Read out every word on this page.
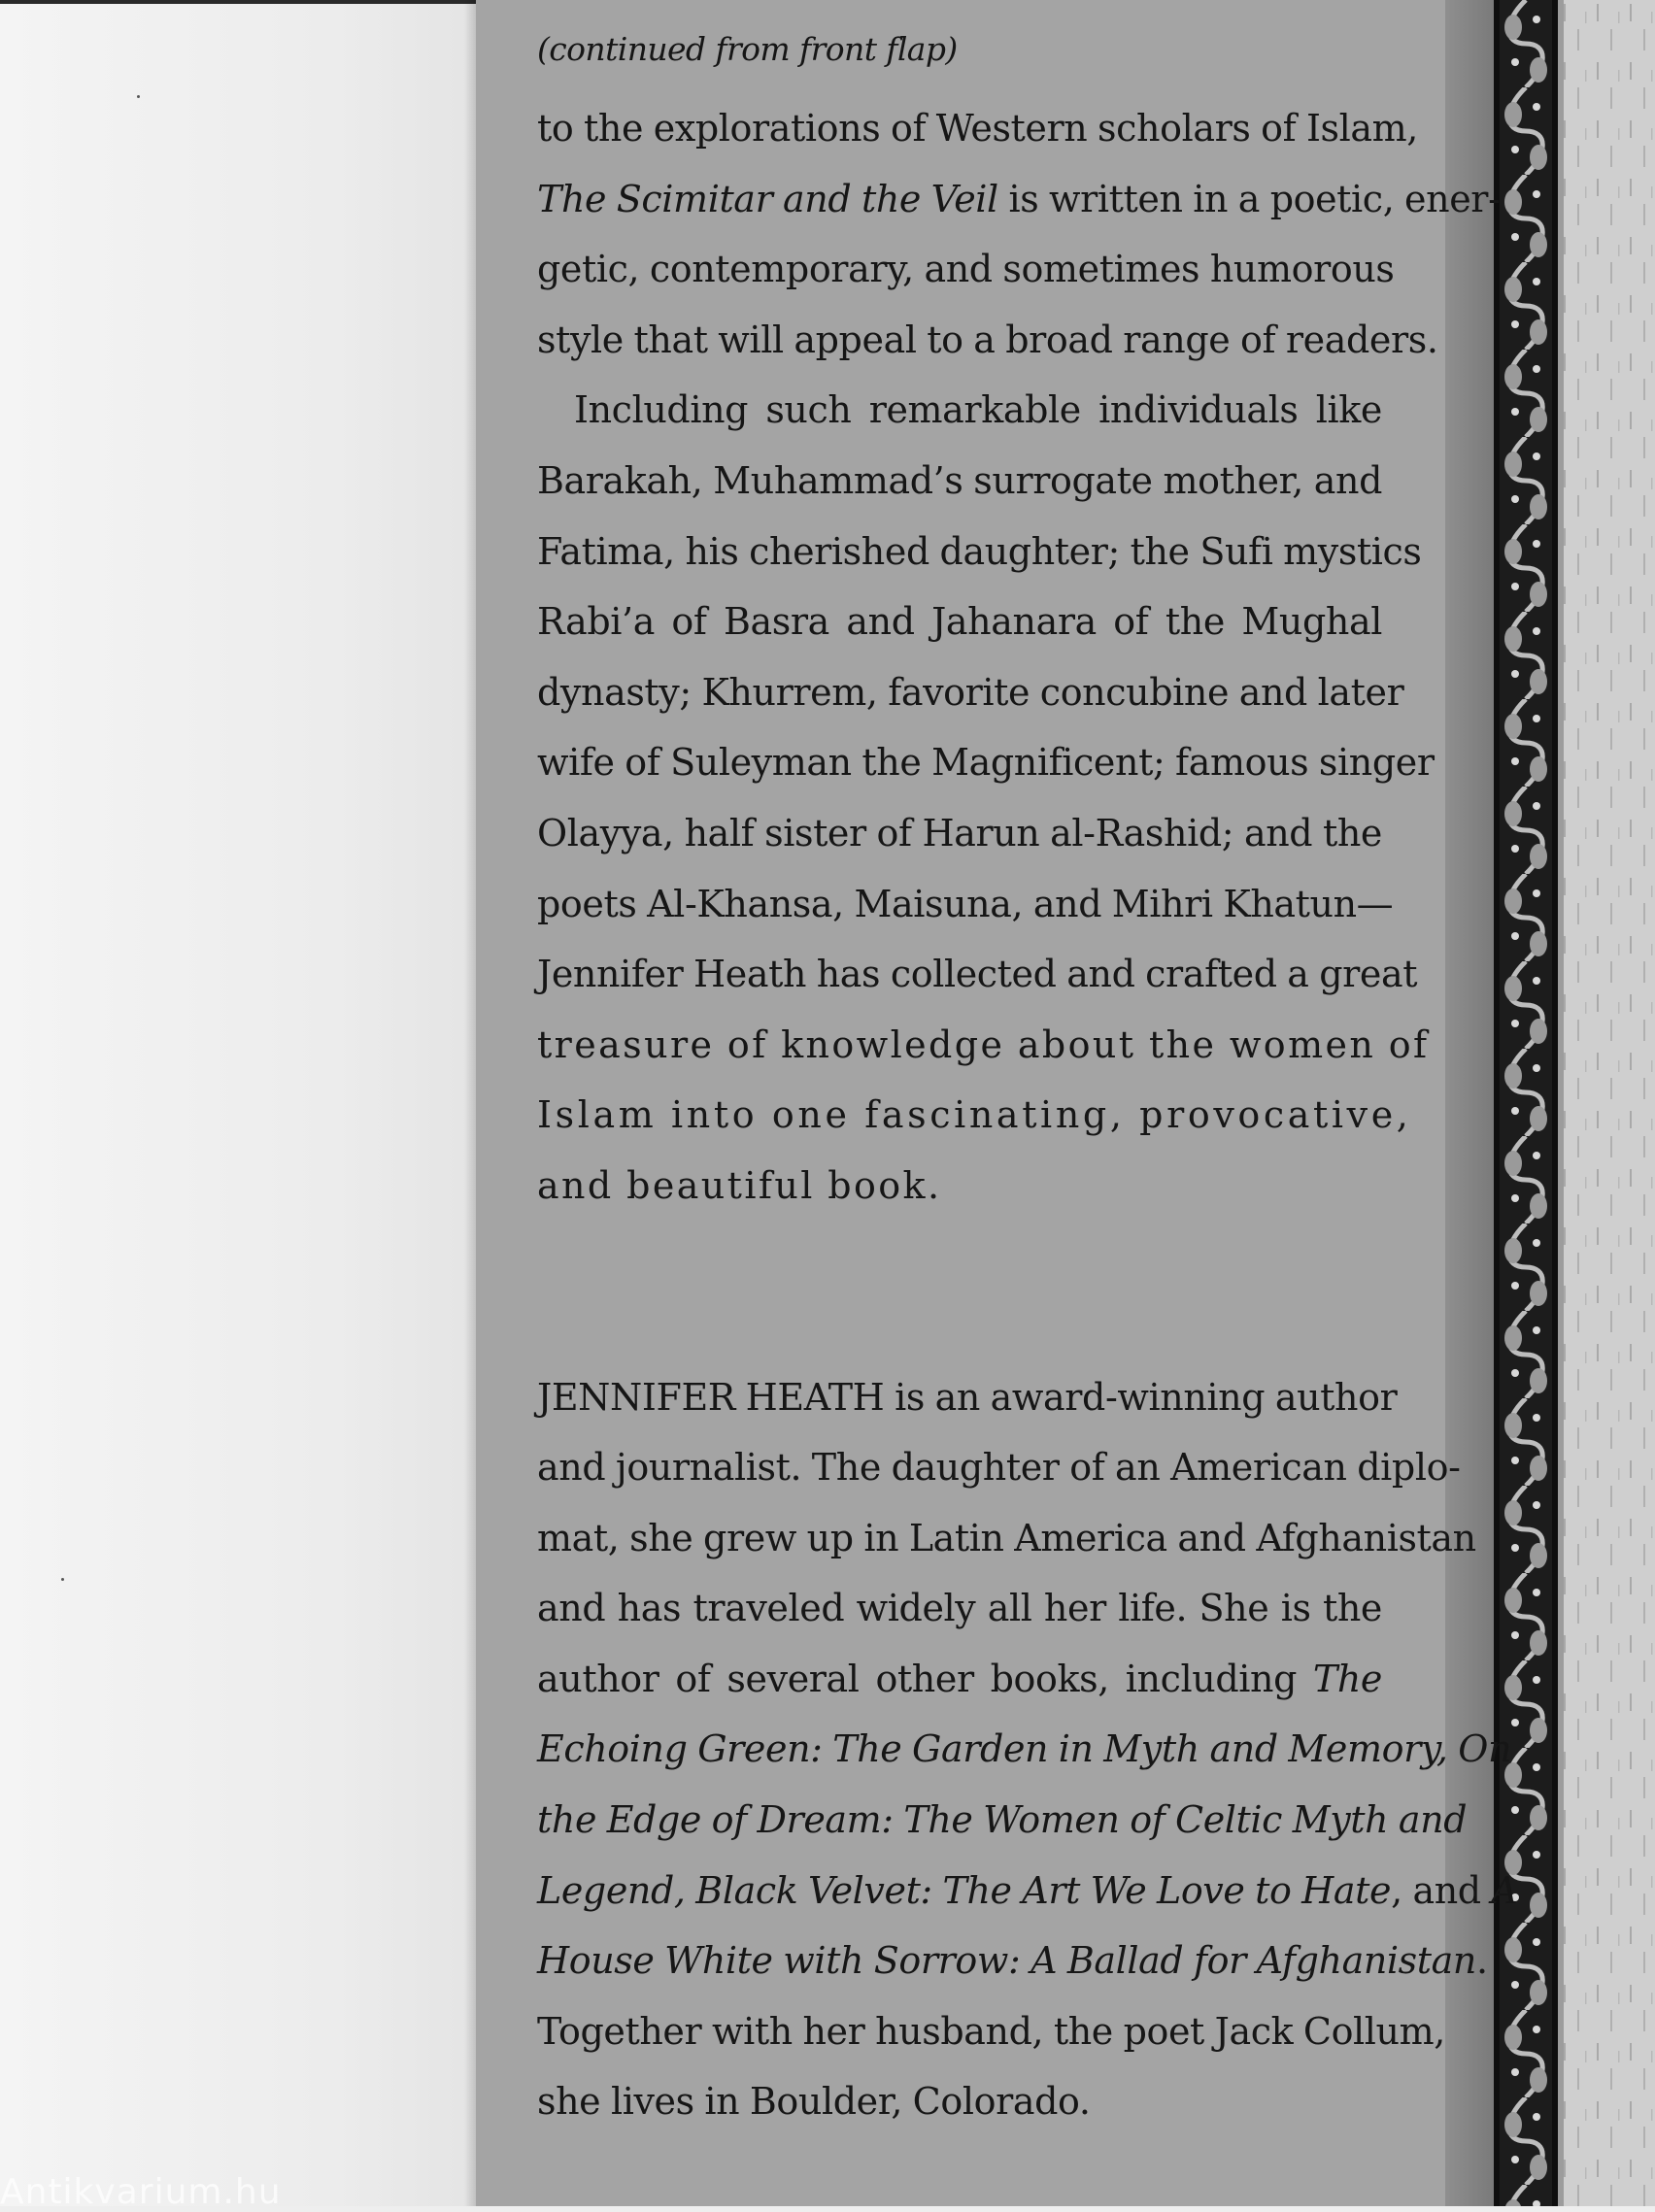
(continued from front flap)

to the explorations of Western scholars of Islam,
The Scimitar and the Veil is written in a poetic, ener-
getic, contemporary, and sometimes humorous
style that will appeal to a broad range of readers.
Including such remarkable individuals like
Barakah, Muhammad’s surrogate mother, and
Fatima, his cherished daughter; the Sufi mystics
Rabi’a of Basra and Jahanara of the Mughal
dynasty; Khurrem, favorite concubine and later
wife of Suleyman the Magnificent; famous singer
Olayya, half sister of Harun al-Rashid; and the
poets Al-Khansa, Maisuna, and Mihri Khatun—
Jennifer Heath has collected and crafted a great
treasure of knowledge about the women of
Islam into one fascinating, provocative,
and beautiful book.
JENNIFER HEATH is an award-winning author
and journalist. The daughter of an American diplo-
mat, she grew up in Latin America and Afghanistan
and has traveled widely all her life. She is the
author of several other books, including The
Echoing Green: The Garden in Myth and Memory, On
the Edge of Dream: The Women of Celtic Myth and
Legend, Black Velvet: The Art We Love to Hate, and A
House White with Sorrow: A Ballad for Afghanistan.
Together with her husband, the poet Jack Collum,
she lives in Boulder, Colorado.
Antikvarium.hu
